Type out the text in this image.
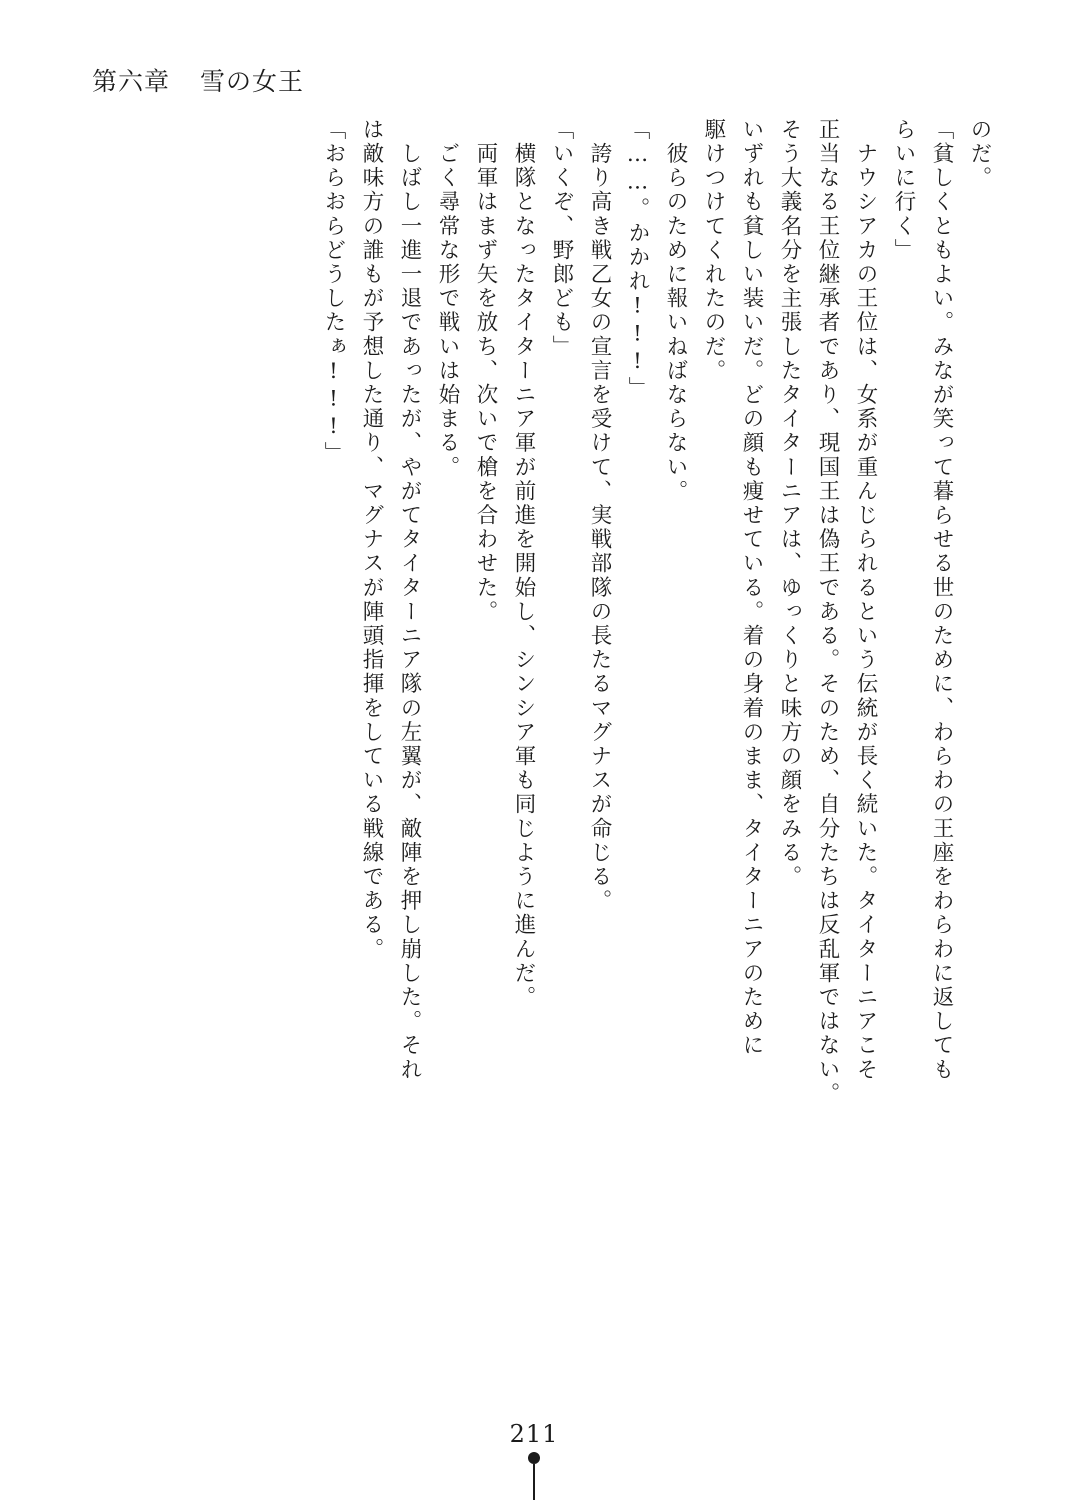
第六章 雪の女王
のだ。
「貧しくともよい。みなが笑って暮らせる世のために、わらわの王座をわらわに返しても
らいに行く」
　ナウシアカの王位は、女系が重んじられるという伝統が長く続いた。タイターニアこそ
正当なる王位継承者であり、現国王は偽王である。そのため、自分たちは反乱軍ではない。
そう大義名分を主張したタイターニアは、ゆっくりと味方の顔をみる。
いずれも貧しい装いだ。どの顔も痩せている。着の身着のまま、タイターニアのために
駆けつけてくれたのだ。
　彼らのために報いねばならない。
「……。かかれ!!!」
　誇り高き戦乙女の宣言を受けて、実戦部隊の長たるマグナスが命じる。
「いくぞ、野郎ども」
　横隊となったタイターニア軍が前進を開始し、シンシア軍も同じように進んだ。
　両軍はまず矢を放ち、次いで槍を合わせた。
　ごく尋常な形で戦いは始まる。
　しばし一進一退であったが、やがてタイターニア隊の左翼が、敵陣を押し崩した。それ
は敵味方の誰もが予想した通り、マグナスが陣頭指揮をしている戦線である。
「おらおらどうしたぁ!!!」
211
